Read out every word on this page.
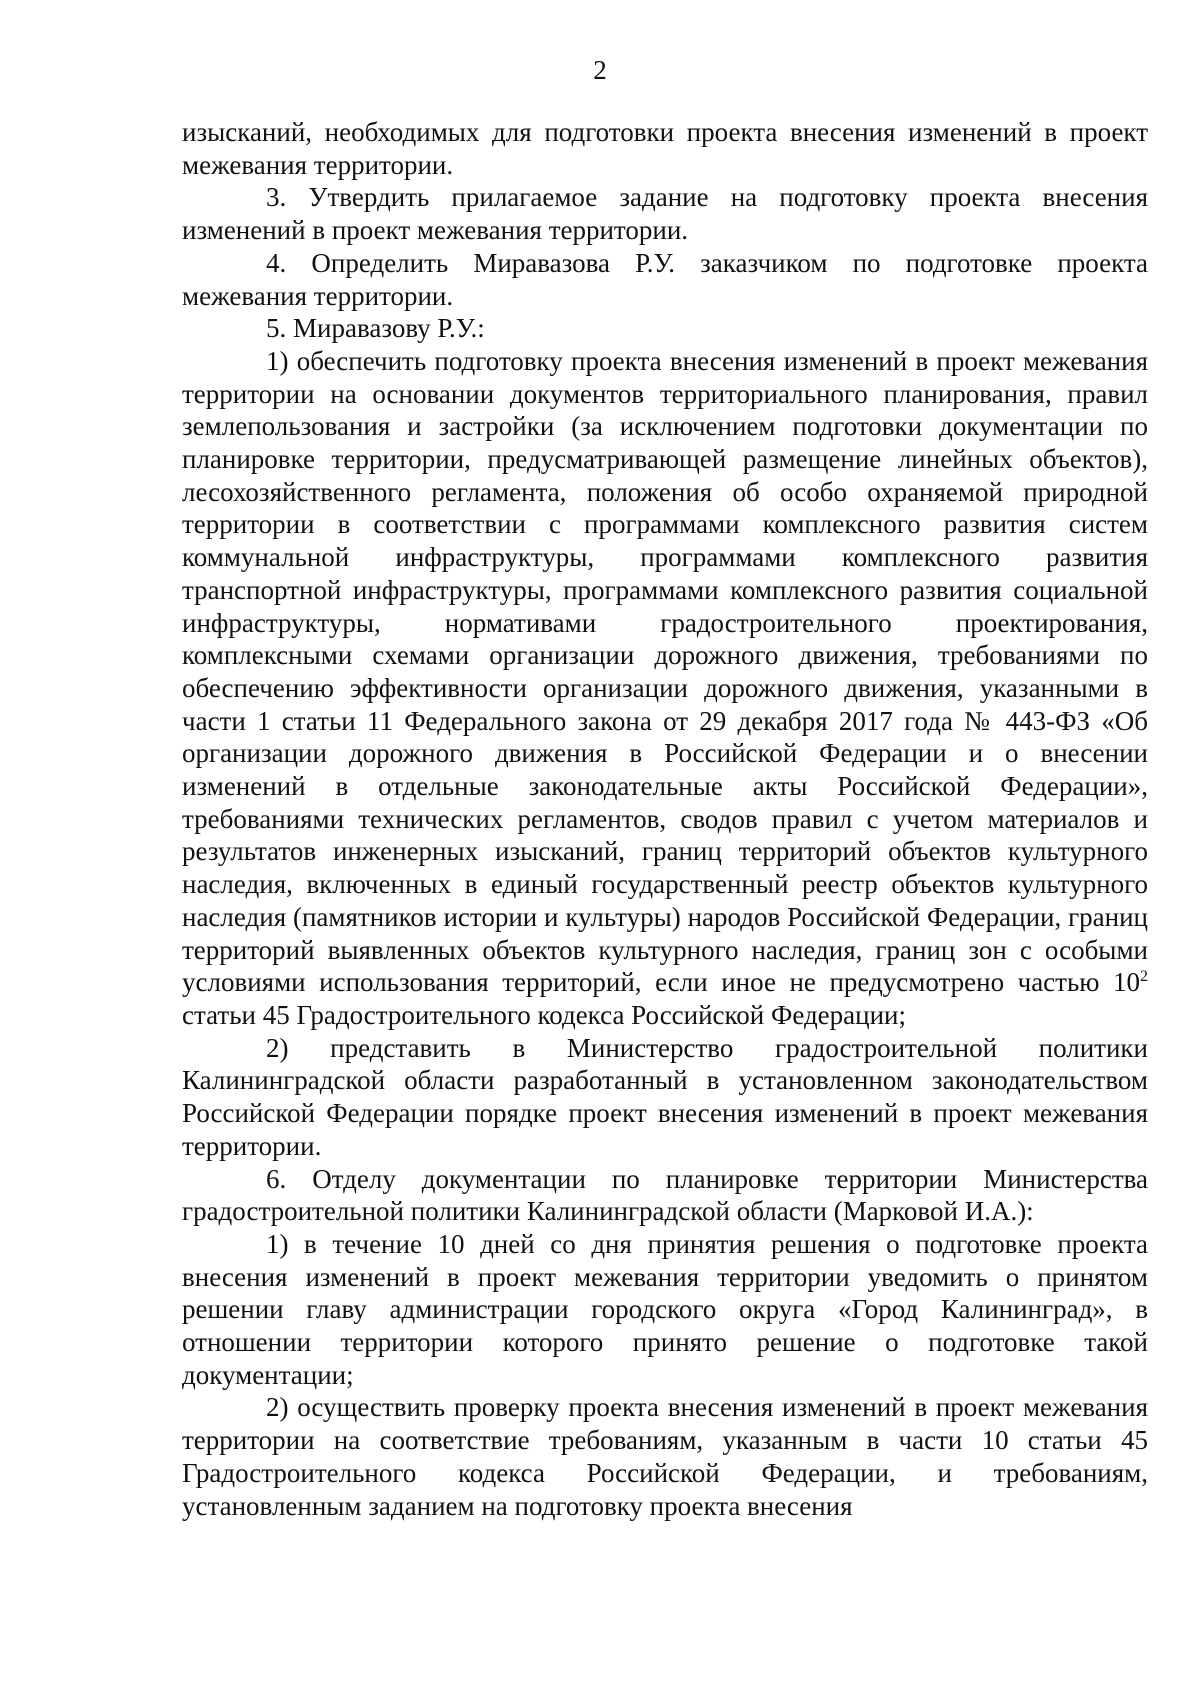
2

изысканий, необходимых для подготовки проекта внесения изменений в проект межевания территории.

3. Утвердить прилагаемое задание на подготовку проекта внесения изменений в проект межевания территории.

4. Определить Миравазова Р.У. заказчиком по подготовке проекта межевания территории.

5. Миравазову Р.У.:

1) обеспечить подготовку проекта внесения изменений в проект межевания территории на основании документов территориального планирования, правил землепользования и застройки (за исключением подготовки документации по планировке территории, предусматривающей размещение линейных объектов), лесохозяйственного регламента, положения об особо охраняемой природной территории в соответствии с программами комплексного развития систем коммунальной инфраструктуры, программами комплексного развития транспортной инфраструктуры, программами комплексного развития социальной инфраструктуры, нормативами градостроительного проектирования, комплексными схемами организации дорожного движения, требованиями по обеспечению эффективности организации дорожного движения, указанными в части 1 статьи 11 Федерального закона от 29 декабря 2017 года № 443-ФЗ «Об организации дорожного движения в Российской Федерации и о внесении изменений в отдельные законодательные акты Российской Федерации», требованиями технических регламентов, сводов правил с учетом материалов и результатов инженерных изысканий, границ территорий объектов культурного наследия, включенных в единый государственный реестр объектов культурного наследия (памятников истории и культуры) народов Российской Федерации, границ территорий выявленных объектов культурного наследия, границ зон с особыми условиями использования территорий, если иное не предусмотрено частью $10^2$ статьи 45 Градостроительного кодекса Российской Федерации;

2) представить в Министерство градостроительной политики Калининградской области разработанный в установленном законодательством Российской Федерации порядке проект внесения изменений в проект межевания территории.

6. Отделу документации по планировке территории Министерства градостроительной политики Калининградской области (Марковой И.А.):

1) в течение 10 дней со дня принятия решения о подготовке проекта внесения изменений в проект межевания территории уведомить о принятом решении главу администрации городского округа «Город Калининград», в отношении территории которого принято решение о подготовке такой документации;

2) осуществить проверку проекта внесения изменений в проект межевания территории на соответствие требованиям, указанным в части 10 статьи 45 Градостроительного кодекса Российской Федерации, и требованиям, установленным заданием на подготовку проекта внесения
